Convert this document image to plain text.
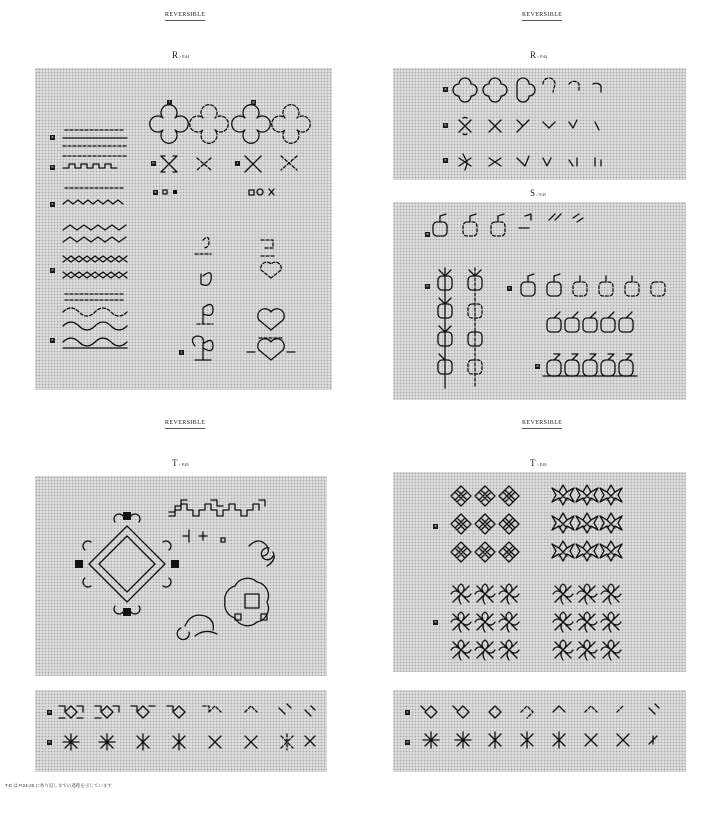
REVERSIBLE
R> P.44
a
b
c
d
e
f	g
h	i
j
k
REVERSIBLE
R> P.44
a
b
c
S> P.45
a
b	c
d
REVERSIBLE
T> P.49
a
b
T-E は P.24-25 に糸り返しまでの過程を示しています
REVERSIBLE
T> P.49
a
b
c
d
